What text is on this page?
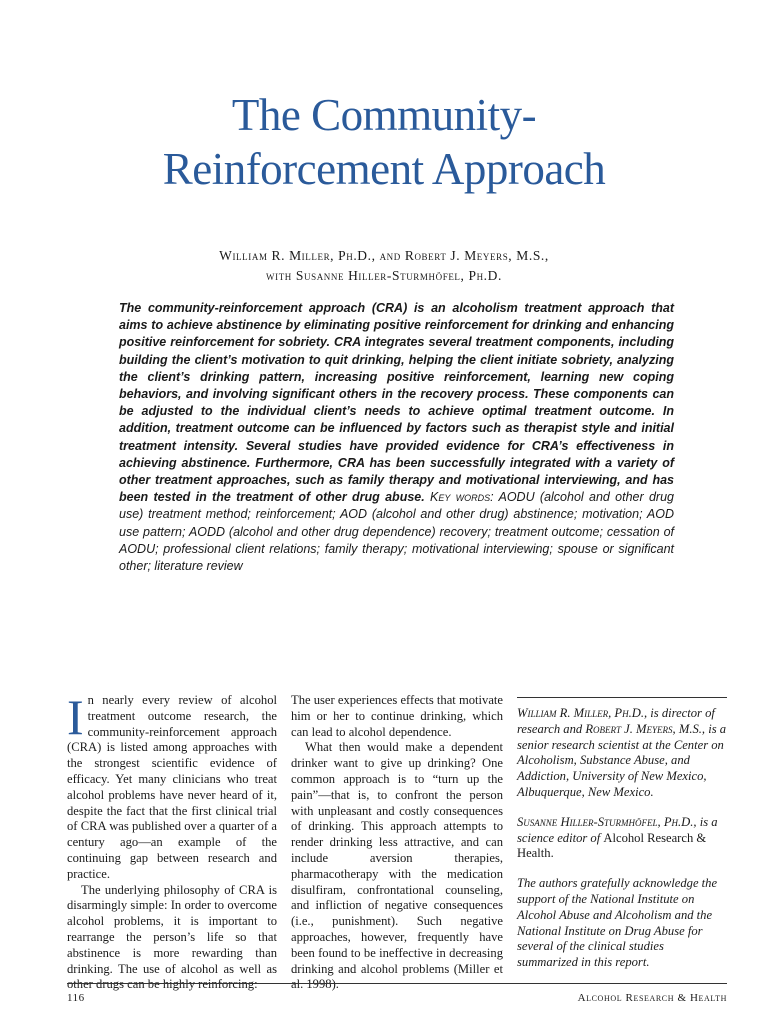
The Community-
Reinforcement Approach
William R. Miller, Ph.D., and Robert J. Meyers, M.S.,
with Susanne Hiller-Sturmhöfel, Ph.D.
The community-reinforcement approach (CRA) is an alcoholism treatment approach that aims to achieve abstinence by eliminating positive reinforcement for drinking and enhancing positive reinforcement for sobriety. CRA integrates several treatment components, including building the client’s motivation to quit drinking, helping the client initiate sobriety, analyzing the client’s drinking pattern, increasing positive reinforcement, learning new coping behaviors, and involving significant others in the recovery process. These components can be adjusted to the individual client’s needs to achieve optimal treatment outcome. In addition, treatment outcome can be influenced by factors such as therapist style and initial treatment intensity. Several studies have provided evidence for CRA’s effectiveness in achieving abstinence. Furthermore, CRA has been successfully integrated with a variety of other treatment approaches, such as family therapy and motivational interviewing, and has been tested in the treatment of other drug abuse. Key words: AODU (alcohol and other drug use) treatment method; reinforcement; AOD (alcohol and other drug) abstinence; motivation; AOD use pattern; AODD (alcohol and other drug dependence) recovery; treatment outcome; cessation of AODU; professional client relations; family therapy; motivational interviewing; spouse or significant other; literature review

In nearly every review of alcohol treatment outcome research, the community-reinforcement approach (CRA) is listed among approaches with the strongest scientific evidence of efficacy. Yet many clinicians who treat alcohol problems have never heard of it, despite the fact that the first clinical trial of CRA was published over a quarter of a century ago—an example of the continuing gap between research and practice.

The underlying philosophy of CRA is disarmingly simple: In order to overcome alcohol problems, it is important to rearrange the person’s life so that abstinence is more rewarding than drinking. The use of alcohol as well as other drugs can be highly reinforcing:

The user experiences effects that motivate him or her to continue drinking, which can lead to alcohol dependence.

What then would make a dependent drinker want to give up drinking? One common approach is to “turn up the pain”—that is, to confront the person with unpleasant and costly consequences of drinking. This approach attempts to render drinking less attractive, and can include aversion therapies, pharmacotherapy with the medication disulfiram, confrontational counseling, and infliction of negative consequences (i.e., punishment). Such negative approaches, however, frequently have been found to be ineffective in decreasing drinking and alcohol problems (Miller et al. 1998).

William R. Miller, Ph.D., is director of research and Robert J. Meyers, M.S., is a senior research scientist at the Center on Alcoholism, Substance Abuse, and Addiction, University of New Mexico, Albuquerque, New Mexico.

Susanne Hiller-Sturmhöfel, Ph.D., is a science editor of Alcohol Research & Health.

The authors gratefully acknowledge the support of the National Institute on Alcohol Abuse and Alcoholism and the National Institute on Drug Abuse for several of the clinical studies summarized in this report.

116	Alcohol Research & Health
